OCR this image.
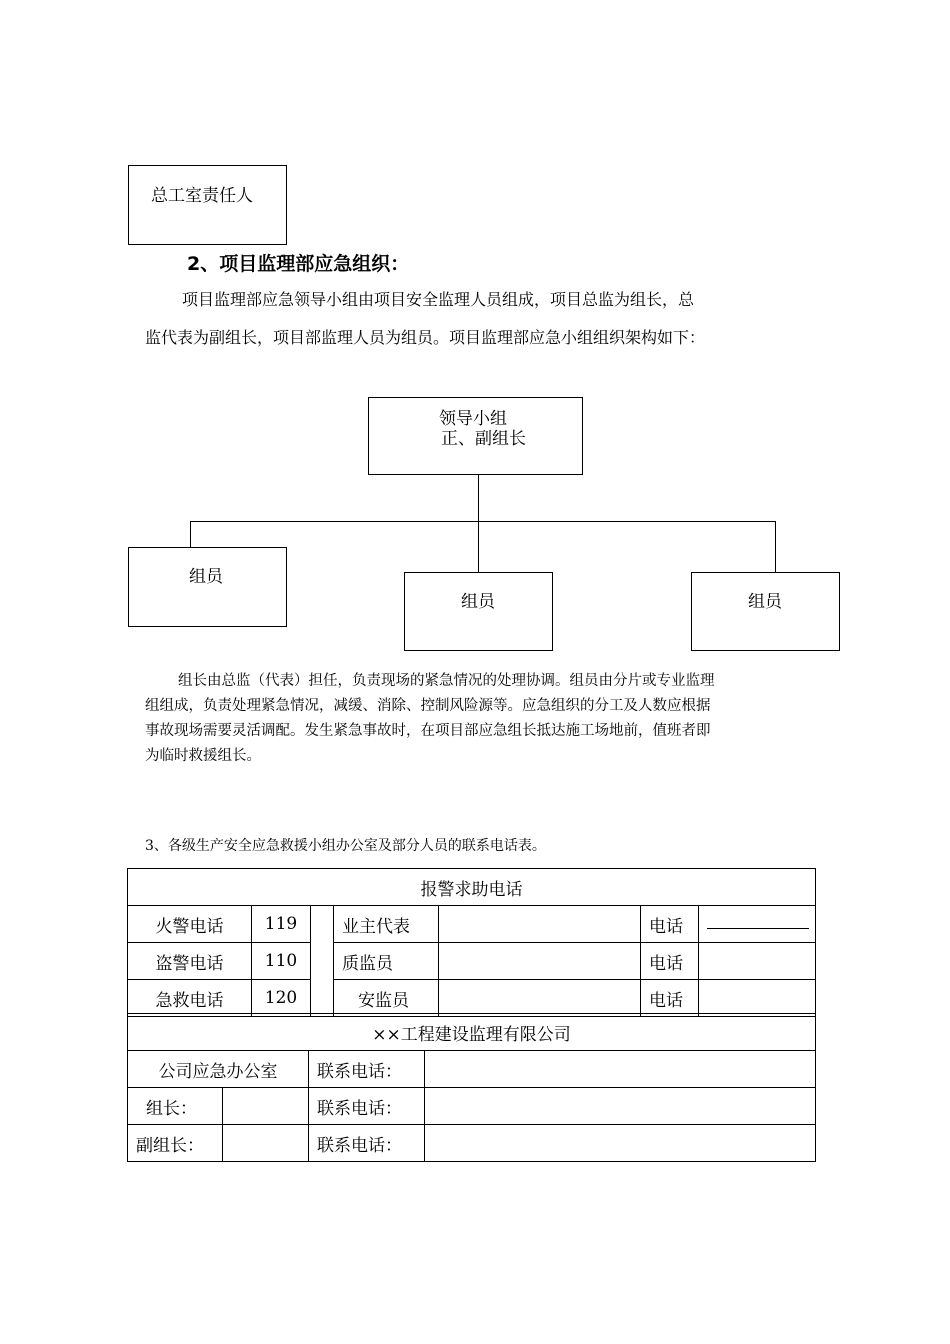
总工室责任人
2、项目监理部应急组织：
项目监理部应急领导小组由项目安全监理人员组成，项目总监为组长，总
监代表为副组长，项目部监理人员为组员。项目监理部应急小组组织架构如下：
领导小组
正、副组长
组员
组员	组员
组长由总监（代表）担任，负责现场的紧急情况的处理协调。组员由分片或专业监理
组组成，负责处理紧急情况，减缓、消除、控制风险源等。应急组织的分工及人数应根据
事故现场需要灵活调配。发生紧急事故时，在项目部应急组长抵达施工场地前，值班者即
为临时救援组长。
3、各级生产安全应急救援小组办公室及部分人员的联系电话表。
报警求助电话						
火警电话	119		业主代表		电话	
盗警电话	110		质监员		电话	
急救电话	120		安监员		电话	
××工程建设监理有限公司			
公司应急办公室		联系电话：	
组长：		联系电话：	
副组长：		联系电话：	
